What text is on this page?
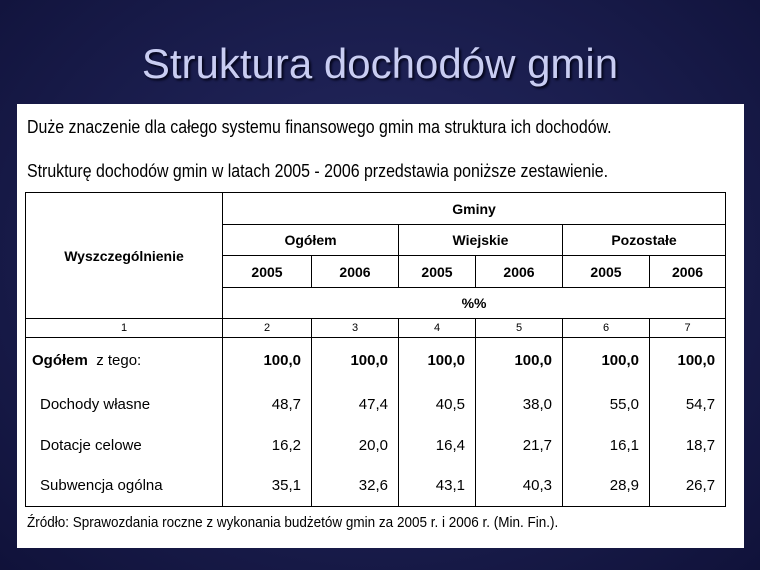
Struktura dochodów gmin
Duże znaczenie dla całego systemu finansowego gmin ma struktura ich dochodów.
Strukturę dochodów gmin w latach 2005 - 2006 przedstawia poniższe zestawienie.
Wyszczególnienie	Gminy					
	Ogółem		Wiejskie		Pozostałe	
	2005	2006	2005	2006	2005	2006
	%%					
1	2	3	4	5	6	7
Ogółem z tego:	100,0	100,0	100,0	100,0	100,0	100,0
Dochody własne	48,7	47,4	40,5	38,0	55,0	54,7
Dotacje celowe	16,2	20,0	16,4	21,7	16,1	18,7
Subwencja ogólna	35,1	32,6	43,1	40,3	28,9	26,7
Źródło: Sprawozdania roczne z wykonania budżetów gmin za 2005 r. i 2006 r. (Min. Fin.).
